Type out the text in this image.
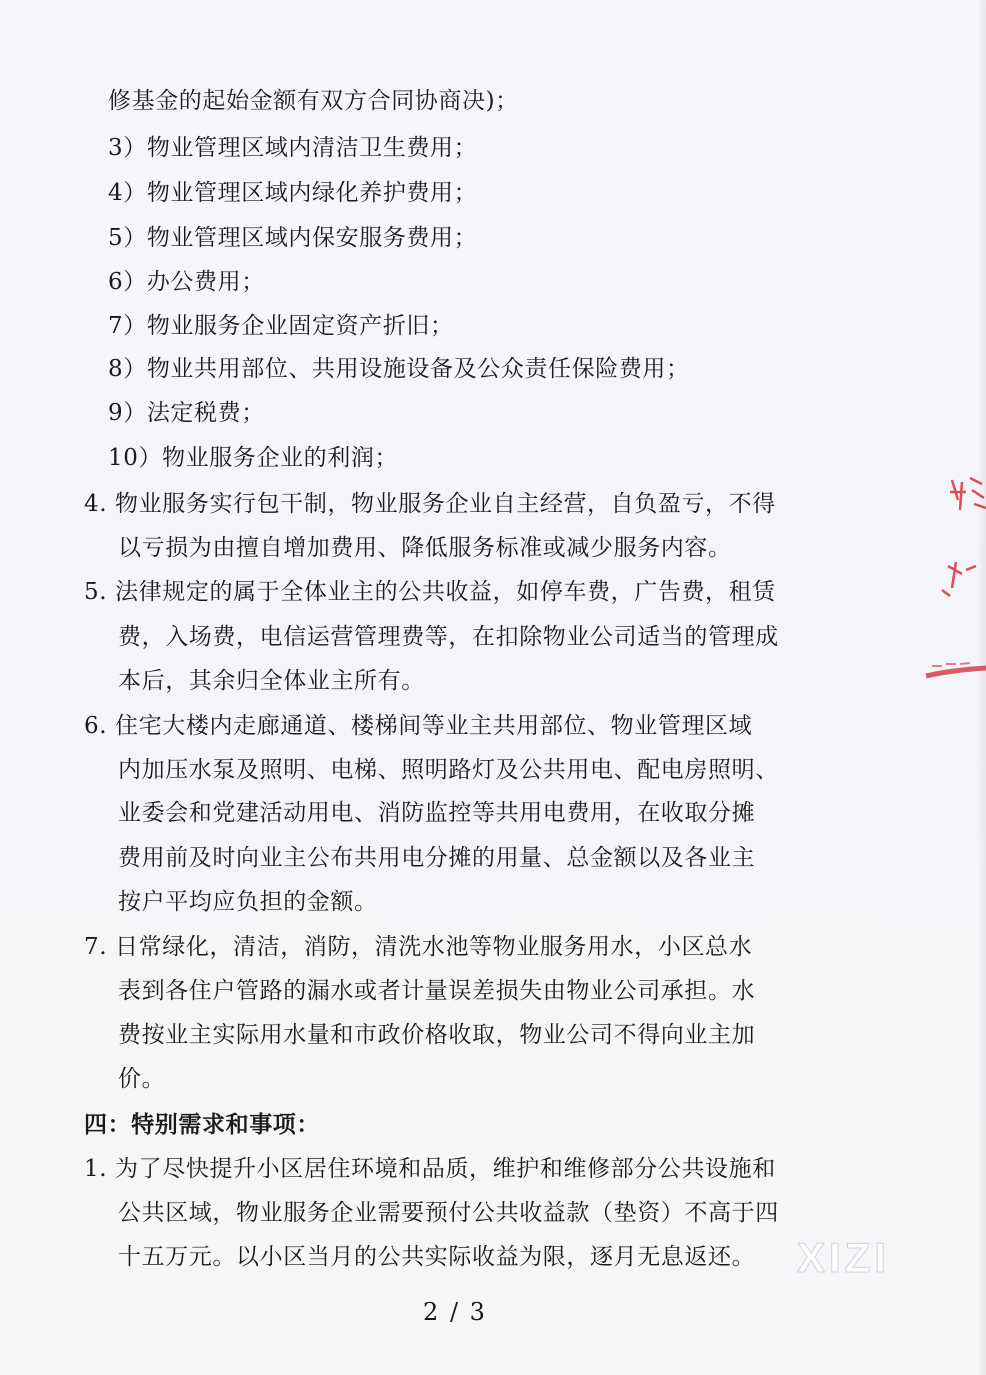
修基金的起始金额有双方合同协商决)；
3）物业管理区域内清洁卫生费用；
4）物业管理区域内绿化养护费用；
5）物业管理区域内保安服务费用；
6）办公费用；
7）物业服务企业固定资产折旧；
8）物业共用部位、共用设施设备及公众责任保险费用；
9）法定税费；
10）物业服务企业的利润；
4. 物业服务实行包干制，物业服务企业自主经营，自负盈亏，不得
以亏损为由擅自增加费用、降低服务标准或减少服务内容。
5. 法律规定的属于全体业主的公共收益，如停车费，广告费，租赁
费，入场费，电信运营管理费等，在扣除物业公司适当的管理成
本后，其余归全体业主所有。
6. 住宅大楼内走廊通道、楼梯间等业主共用部位、物业管理区域
内加压水泵及照明、电梯、照明路灯及公共用电、配电房照明、
业委会和党建活动用电、消防监控等共用电费用，在收取分摊
费用前及时向业主公布共用电分摊的用量、总金额以及各业主
按户平均应负担的金额。
7. 日常绿化，清洁，消防，清洗水池等物业服务用水，小区总水
表到各住户管路的漏水或者计量误差损失由物业公司承担。水
费按业主实际用水量和市政价格收取，物业公司不得向业主加
价。
四：特别需求和事项：
1. 为了尽快提升小区居住环境和品质，维护和维修部分公共设施和
公共区域，物业服务企业需要预付公共收益款（垫资）不高于四
十五万元。以小区当月的公共实际收益为限，逐月无息返还。
2 / 3
XIZI
